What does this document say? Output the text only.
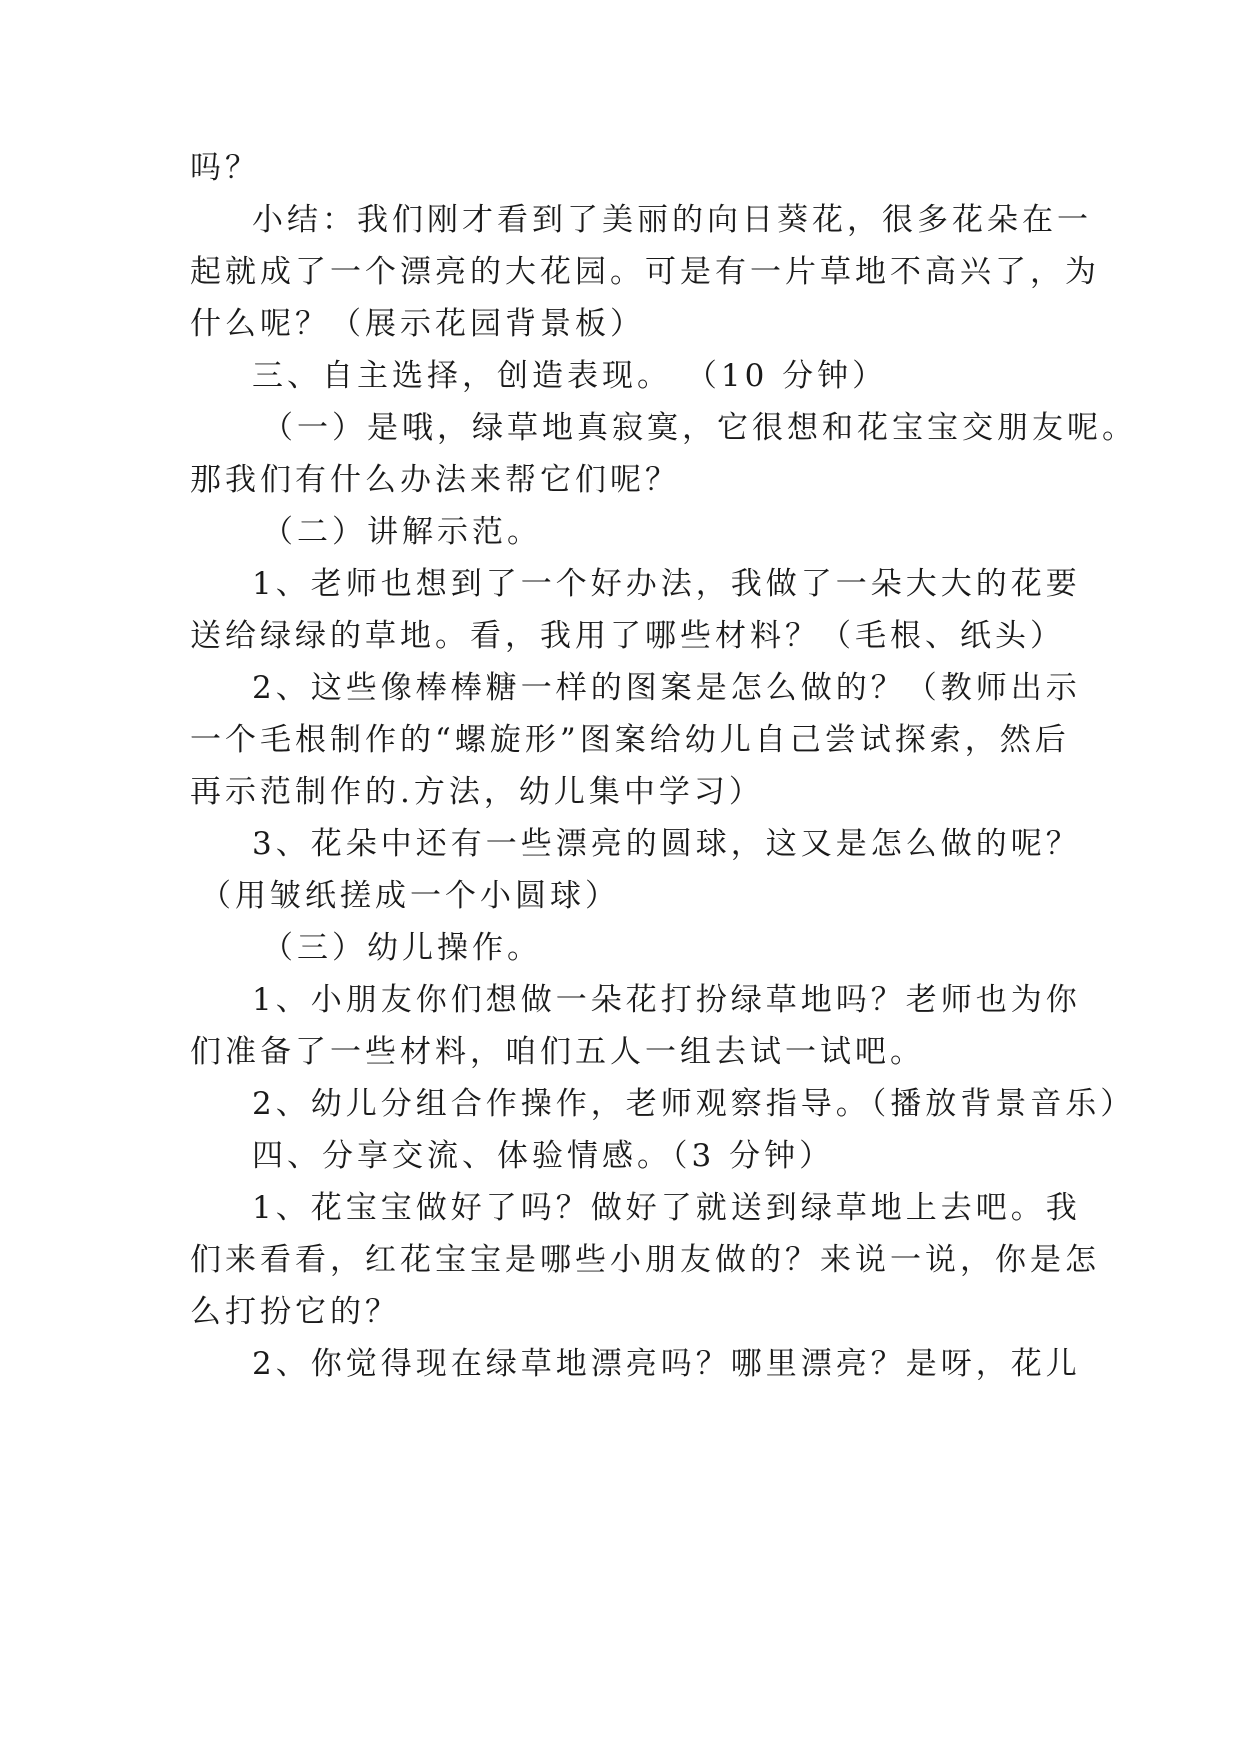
吗？
小结：我们刚才看到了美丽的向日葵花，很多花朵在一
起就成了一个漂亮的大花园。可是有一片草地不高兴了，为
什么呢？（展示花园背景板）
三、自主选择，创造表现。 （10 分钟）
（一）是哦，绿草地真寂寞，它很想和花宝宝交朋友呢。
那我们有什么办法来帮它们呢？
（二）讲解示范。
1、老师也想到了一个好办法，我做了一朵大大的花要
送给绿绿的草地。看，我用了哪些材料？（毛根、纸头）
2、这些像棒棒糖一样的图案是怎么做的？（教师出示
一个毛根制作的“螺旋形”图案给幼儿自己尝试探索，然后
再示范制作的.方法，幼儿集中学习）
3、花朵中还有一些漂亮的圆球，这又是怎么做的呢？
（用皱纸搓成一个小圆球）
（三）幼儿操作。
1、小朋友你们想做一朵花打扮绿草地吗？老师也为你
们准备了一些材料，咱们五人一组去试一试吧。
2、幼儿分组合作操作，老师观察指导。（播放背景音乐）
四、分享交流、体验情感。（3 分钟）
1、花宝宝做好了吗？做好了就送到绿草地上去吧。我
们来看看，红花宝宝是哪些小朋友做的？来说一说，你是怎
么打扮它的？
2、你觉得现在绿草地漂亮吗？哪里漂亮？是呀，花儿
